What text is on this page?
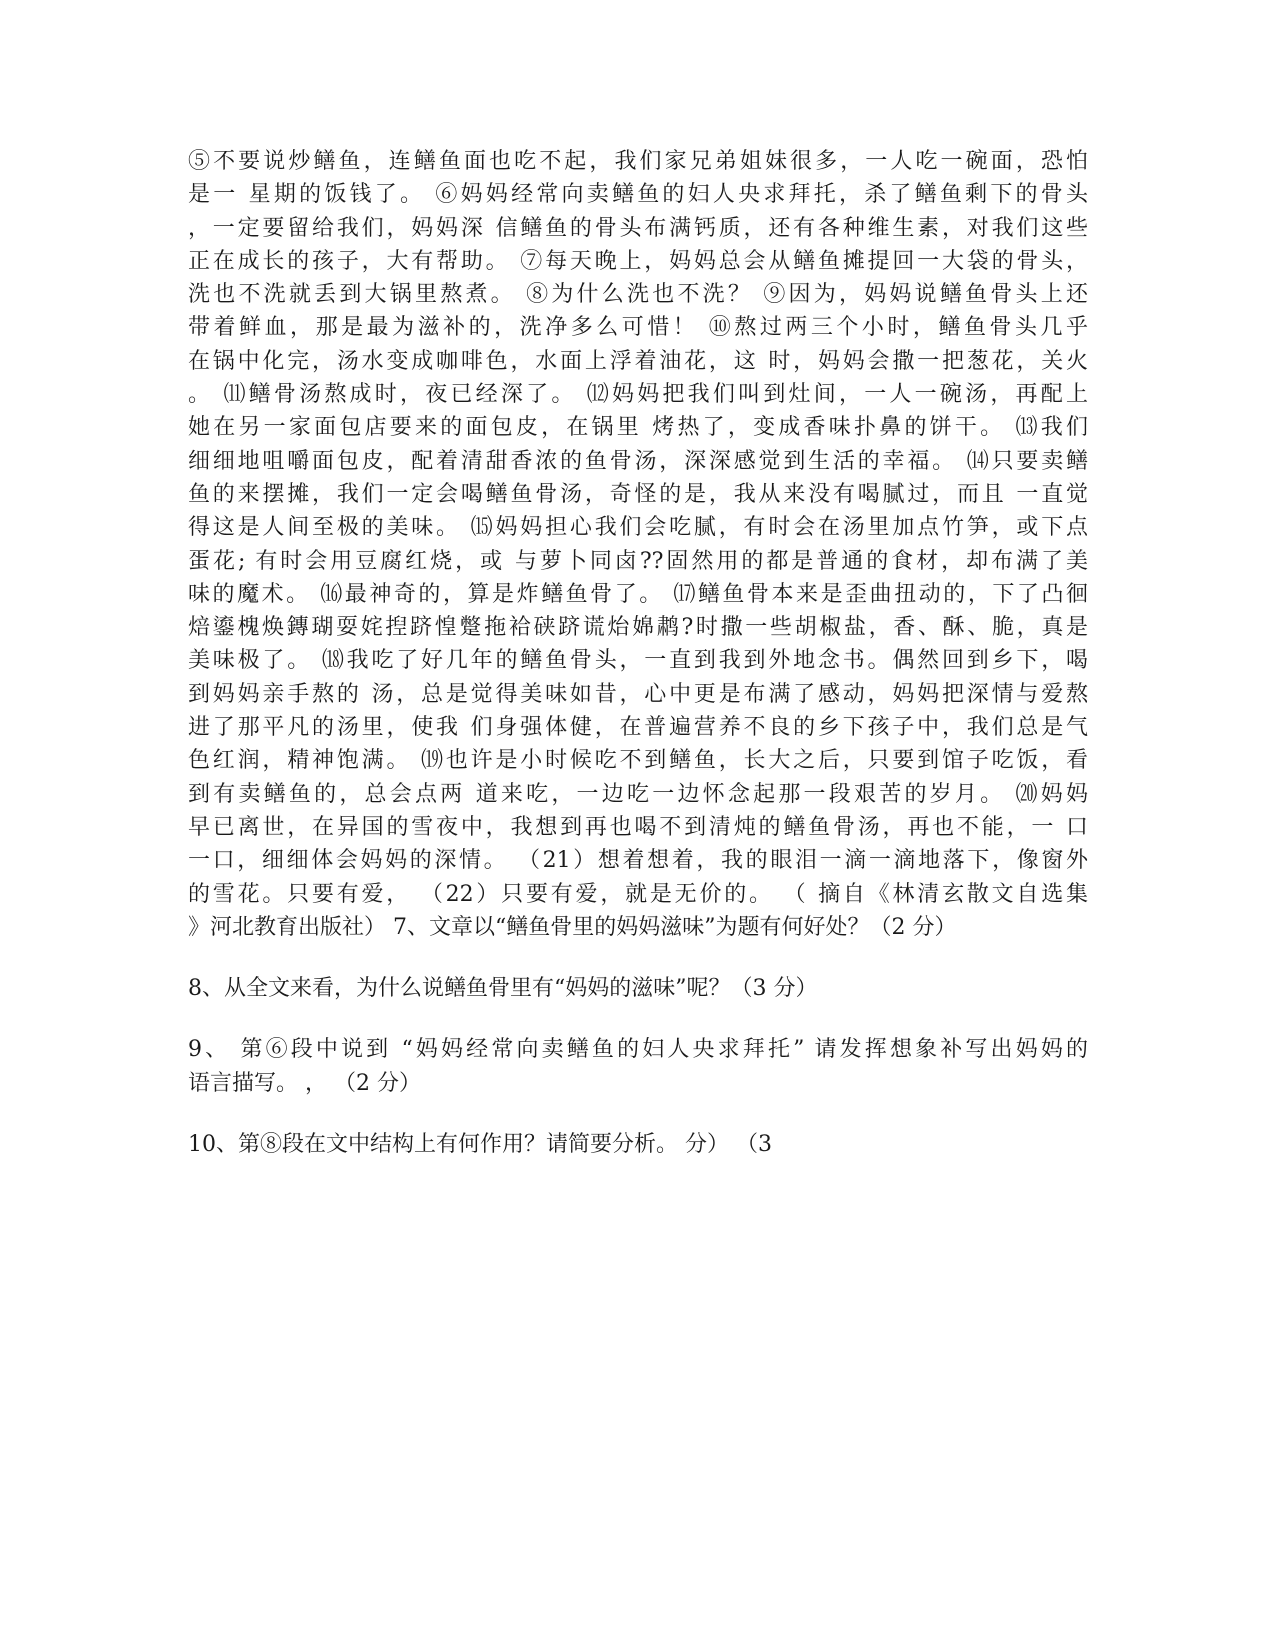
⑤不要说炒鳝鱼，连鳝鱼面也吃不起，我们家兄弟姐妹很多，一人吃一碗面，恐怕
是一 星期的饭钱了。 ⑥妈妈经常向卖鳝鱼的妇人央求拜托，杀了鳝鱼剩下的骨头
，一定要留给我们，妈妈深 信鳝鱼的骨头布满钙质，还有各种维生素，对我们这些
正在成长的孩子，大有帮助。 ⑦每天晚上，妈妈总会从鳝鱼摊提回一大袋的骨头，
洗也不洗就丢到大锅里熬煮。 ⑧为什么洗也不洗？ ⑨因为，妈妈说鳝鱼骨头上还
带着鲜血，那是最为滋补的，洗净多么可惜！ ⑩熬过两三个小时，鳝鱼骨头几乎
在锅中化完，汤水变成咖啡色，水面上浮着油花，这 时，妈妈会撒一把葱花，关火
。 ⑾鳝骨汤熬成时，夜已经深了。 ⑿妈妈把我们叫到灶间，一人一碗汤，再配上
她在另一家面包店要来的面包皮，在锅里 烤热了，变成香味扑鼻的饼干。 ⒀我们
细细地咀嚼面包皮，配着清甜香浓的鱼骨汤，深深感觉到生活的幸福。 ⒁只要卖鳝
鱼的来摆摊，我们一定会喝鳝鱼骨汤，奇怪的是，我从来没有喝腻过，而且 一直觉
得这是人间至极的美味。 ⒂妈妈担心我们会吃腻，有时会在汤里加点竹笋，或下点
蛋花; 有时会用豆腐红烧，或 与萝卜同卤??固然用的都是普通的食材，却布满了美
味的魔术。 ⒃最神奇的，算是炸鳝鱼骨了。 ⒄鳝鱼骨本来是歪曲扭动的，下了凸徊
焙鎏槐焕鏄瑚耍姹揑跻惶蹩拖袷硖跻谎炲婂鹔?时撒一些胡椒盐，香、酥、脆，真是
美味极了。 ⒅我吃了好几年的鳝鱼骨头，一直到我到外地念书。偶然回到乡下，喝
到妈妈亲手熬的 汤，总是觉得美味如昔，心中更是布满了感动，妈妈把深情与爱熬
进了那平凡的汤里，使我 们身强体健，在普遍营养不良的乡下孩子中，我们总是气
色红润，精神饱满。 ⒆也许是小时候吃不到鳝鱼，长大之后，只要到馆子吃饭，看
到有卖鳝鱼的，总会点两 道来吃，一边吃一边怀念起那一段艰苦的岁月。 ⒇妈妈
早已离世，在异国的雪夜中，我想到再也喝不到清炖的鳝鱼骨汤，再也不能，一 口
一口，细细体会妈妈的深情。 （21）想着想着，我的眼泪一滴一滴地落下，像窗外
的雪花。只要有爱， （22）只要有爱，就是无价的。 （ 摘自《林清玄散文自选集
》河北教育出版社） 7、文章以“鳝鱼骨里的妈妈滋味”为题有何好处？（2 分）
8、从全文来看，为什么说鳝鱼骨里有“妈妈的滋味”呢？（3 分）
9、 第⑥段中说到 “妈妈经常向卖鳝鱼的妇人央求拜托” 请发挥想象补写出妈妈的
语言描写。 ， （2 分）
10、第⑧段在文中结构上有何作用？请简要分析。 分） （3
